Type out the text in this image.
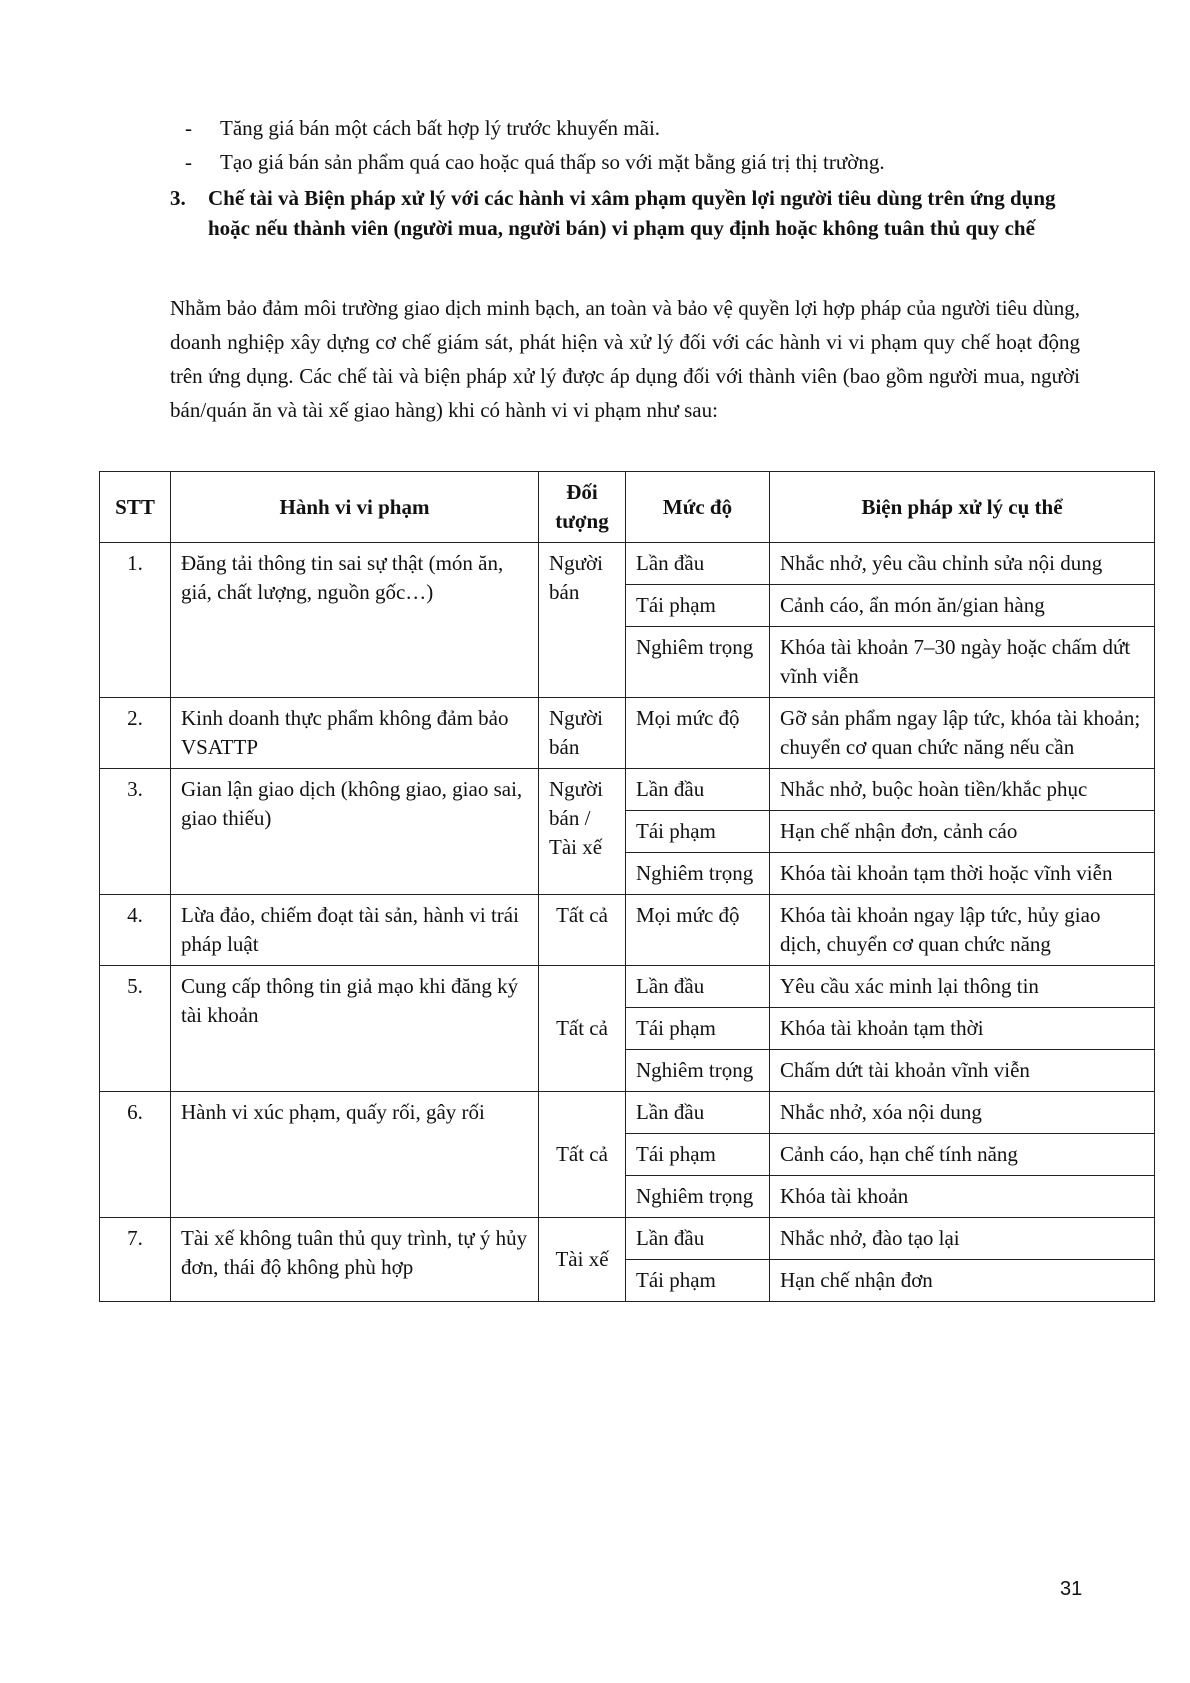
-	Tăng giá bán một cách bất hợp lý trước khuyến mãi.
-	Tạo giá bán sản phẩm quá cao hoặc quá thấp so với mặt bằng giá trị thị trường.
3. Chế tài và Biện pháp xử lý với các hành vi xâm phạm quyền lợi người tiêu dùng trên ứng dụng hoặc nếu thành viên (người mua, người bán) vi phạm quy định hoặc không tuân thủ quy chế
Nhằm bảo đảm môi trường giao dịch minh bạch, an toàn và bảo vệ quyền lợi hợp pháp của người tiêu dùng, doanh nghiệp xây dựng cơ chế giám sát, phát hiện và xử lý đối với các hành vi vi phạm quy chế hoạt động trên ứng dụng. Các chế tài và biện pháp xử lý được áp dụng đối với thành viên (bao gồm người mua, người bán/quán ăn và tài xế giao hàng) khi có hành vi vi phạm như sau:
STT	Hành vi vi phạm	Đối tượng	Mức độ	Biện pháp xử lý cụ thể
1.	Đăng tải thông tin sai sự thật (món ăn, giá, chất lượng, nguồn gốc…)	Người bán	Lần đầu	Nhắc nhở, yêu cầu chỉnh sửa nội dung
			Tái phạm	Cảnh cáo, ẩn món ăn/gian hàng
			Nghiêm trọng	Khóa tài khoản 7–30 ngày hoặc chấm dứt vĩnh viễn
2.	Kinh doanh thực phẩm không đảm bảo VSATTP	Người bán	Mọi mức độ	Gỡ sản phẩm ngay lập tức, khóa tài khoản; chuyển cơ quan chức năng nếu cần
3.	Gian lận giao dịch (không giao, giao sai, giao thiếu)	Người bán / Tài xế	Lần đầu	Nhắc nhở, buộc hoàn tiền/khắc phục
			Tái phạm	Hạn chế nhận đơn, cảnh cáo
			Nghiêm trọng	Khóa tài khoản tạm thời hoặc vĩnh viễn
4.	Lừa đảo, chiếm đoạt tài sản, hành vi trái pháp luật	Tất cả	Mọi mức độ	Khóa tài khoản ngay lập tức, hủy giao dịch, chuyển cơ quan chức năng
5.	Cung cấp thông tin giả mạo khi đăng ký tài khoản	Tất cả	Lần đầu	Yêu cầu xác minh lại thông tin
			Tái phạm	Khóa tài khoản tạm thời
			Nghiêm trọng	Chấm dứt tài khoản vĩnh viễn
6.	Hành vi xúc phạm, quấy rối, gây rối	Tất cả	Lần đầu	Nhắc nhở, xóa nội dung
			Tái phạm	Cảnh cáo, hạn chế tính năng
			Nghiêm trọng	Khóa tài khoản
7.	Tài xế không tuân thủ quy trình, tự ý hủy đơn, thái độ không phù hợp	Tài xế	Lần đầu	Nhắc nhở, đào tạo lại
			Tái phạm	Hạn chế nhận đơn
31
